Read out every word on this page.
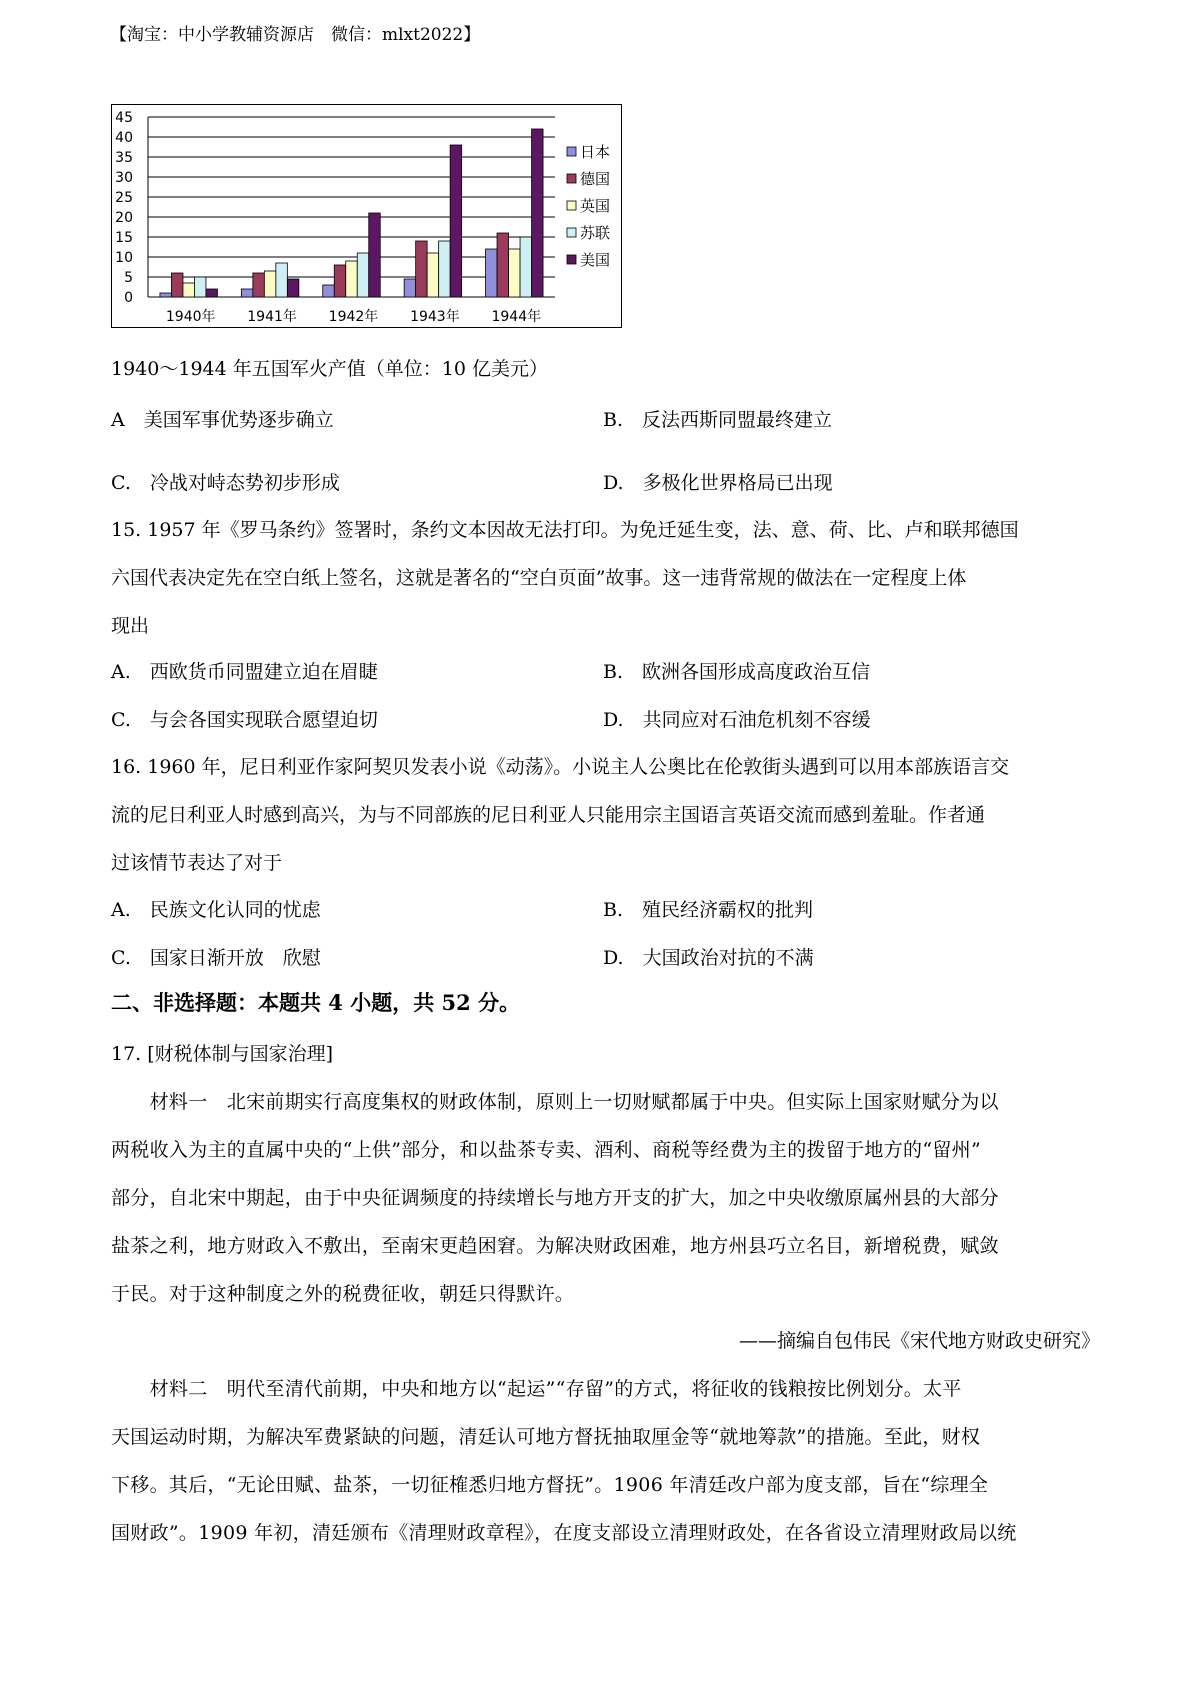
【淘宝：中小学教辅资源店　微信：mlxt2022】
0
5
10
15
20
25
30
35
40
45
1940年 1941年 1942年 1943年 1944年
日本
德国
英国
苏联
美国
1940～1944 年五国军火产值（单位：10 亿美元）
A　美国军事优势逐步确立	B.　反法西斯同盟最终建立
C.　冷战对峙态势初步形成	D.　多极化世界格局已出现
15. 1957 年《罗马条约》签署时，条约文本因故无法打印。为免迁延生变，法、意、荷、比、卢和联邦德国
六国代表决定先在空白纸上签名，这就是著名的“空白页面”故事。这一违背常规的做法在一定程度上体
现出
A.　西欧货币同盟建立迫在眉睫	B.　欧洲各国形成高度政治互信
C.　与会各国实现联合愿望迫切	D.　共同应对石油危机刻不容缓
16. 1960 年，尼日利亚作家阿契贝发表小说《动荡》。小说主人公奥比在伦敦街头遇到可以用本部族语言交
流的尼日利亚人时感到高兴，为与不同部族的尼日利亚人只能用宗主国语言英语交流而感到羞耻。作者通
过该情节表达了对于
A.　民族文化认同的忧虑	B.　殖民经济霸权的批判
C.　国家日渐开放　欣慰	D.　大国政治对抗的不满
二、非选择题：本题共 4 小题，共 52 分。
17. [财税体制与国家治理]
　　材料一　北宋前期实行高度集权的财政体制，原则上一切财赋都属于中央。但实际上国家财赋分为以
两税收入为主的直属中央的“上供”部分，和以盐茶专卖、酒利、商税等经费为主的拨留于地方的“留州”
部分，自北宋中期起，由于中央征调频度的持续增长与地方开支的扩大，加之中央收缴原属州县的大部分
盐茶之利，地方财政入不敷出，至南宋更趋困窘。为解决财政困难，地方州县巧立名目，新增税费，赋敛
于民。对于这种制度之外的税费征收，朝廷只得默许。
——摘编自包伟民《宋代地方财政史研究》
　　材料二　明代至清代前期，中央和地方以“起运”“存留”的方式，将征收的钱粮按比例划分。太平
天国运动时期，为解决军费紧缺的问题，清廷认可地方督抚抽取厘金等“就地筹款”的措施。至此，财权
下移。其后，“无论田赋、盐茶，一切征榷悉归地方督抚”。1906 年清廷改户部为度支部，旨在“综理全
国财政”。1909 年初，清廷颁布《清理财政章程》，在度支部设立清理财政处，在各省设立清理财政局以统
